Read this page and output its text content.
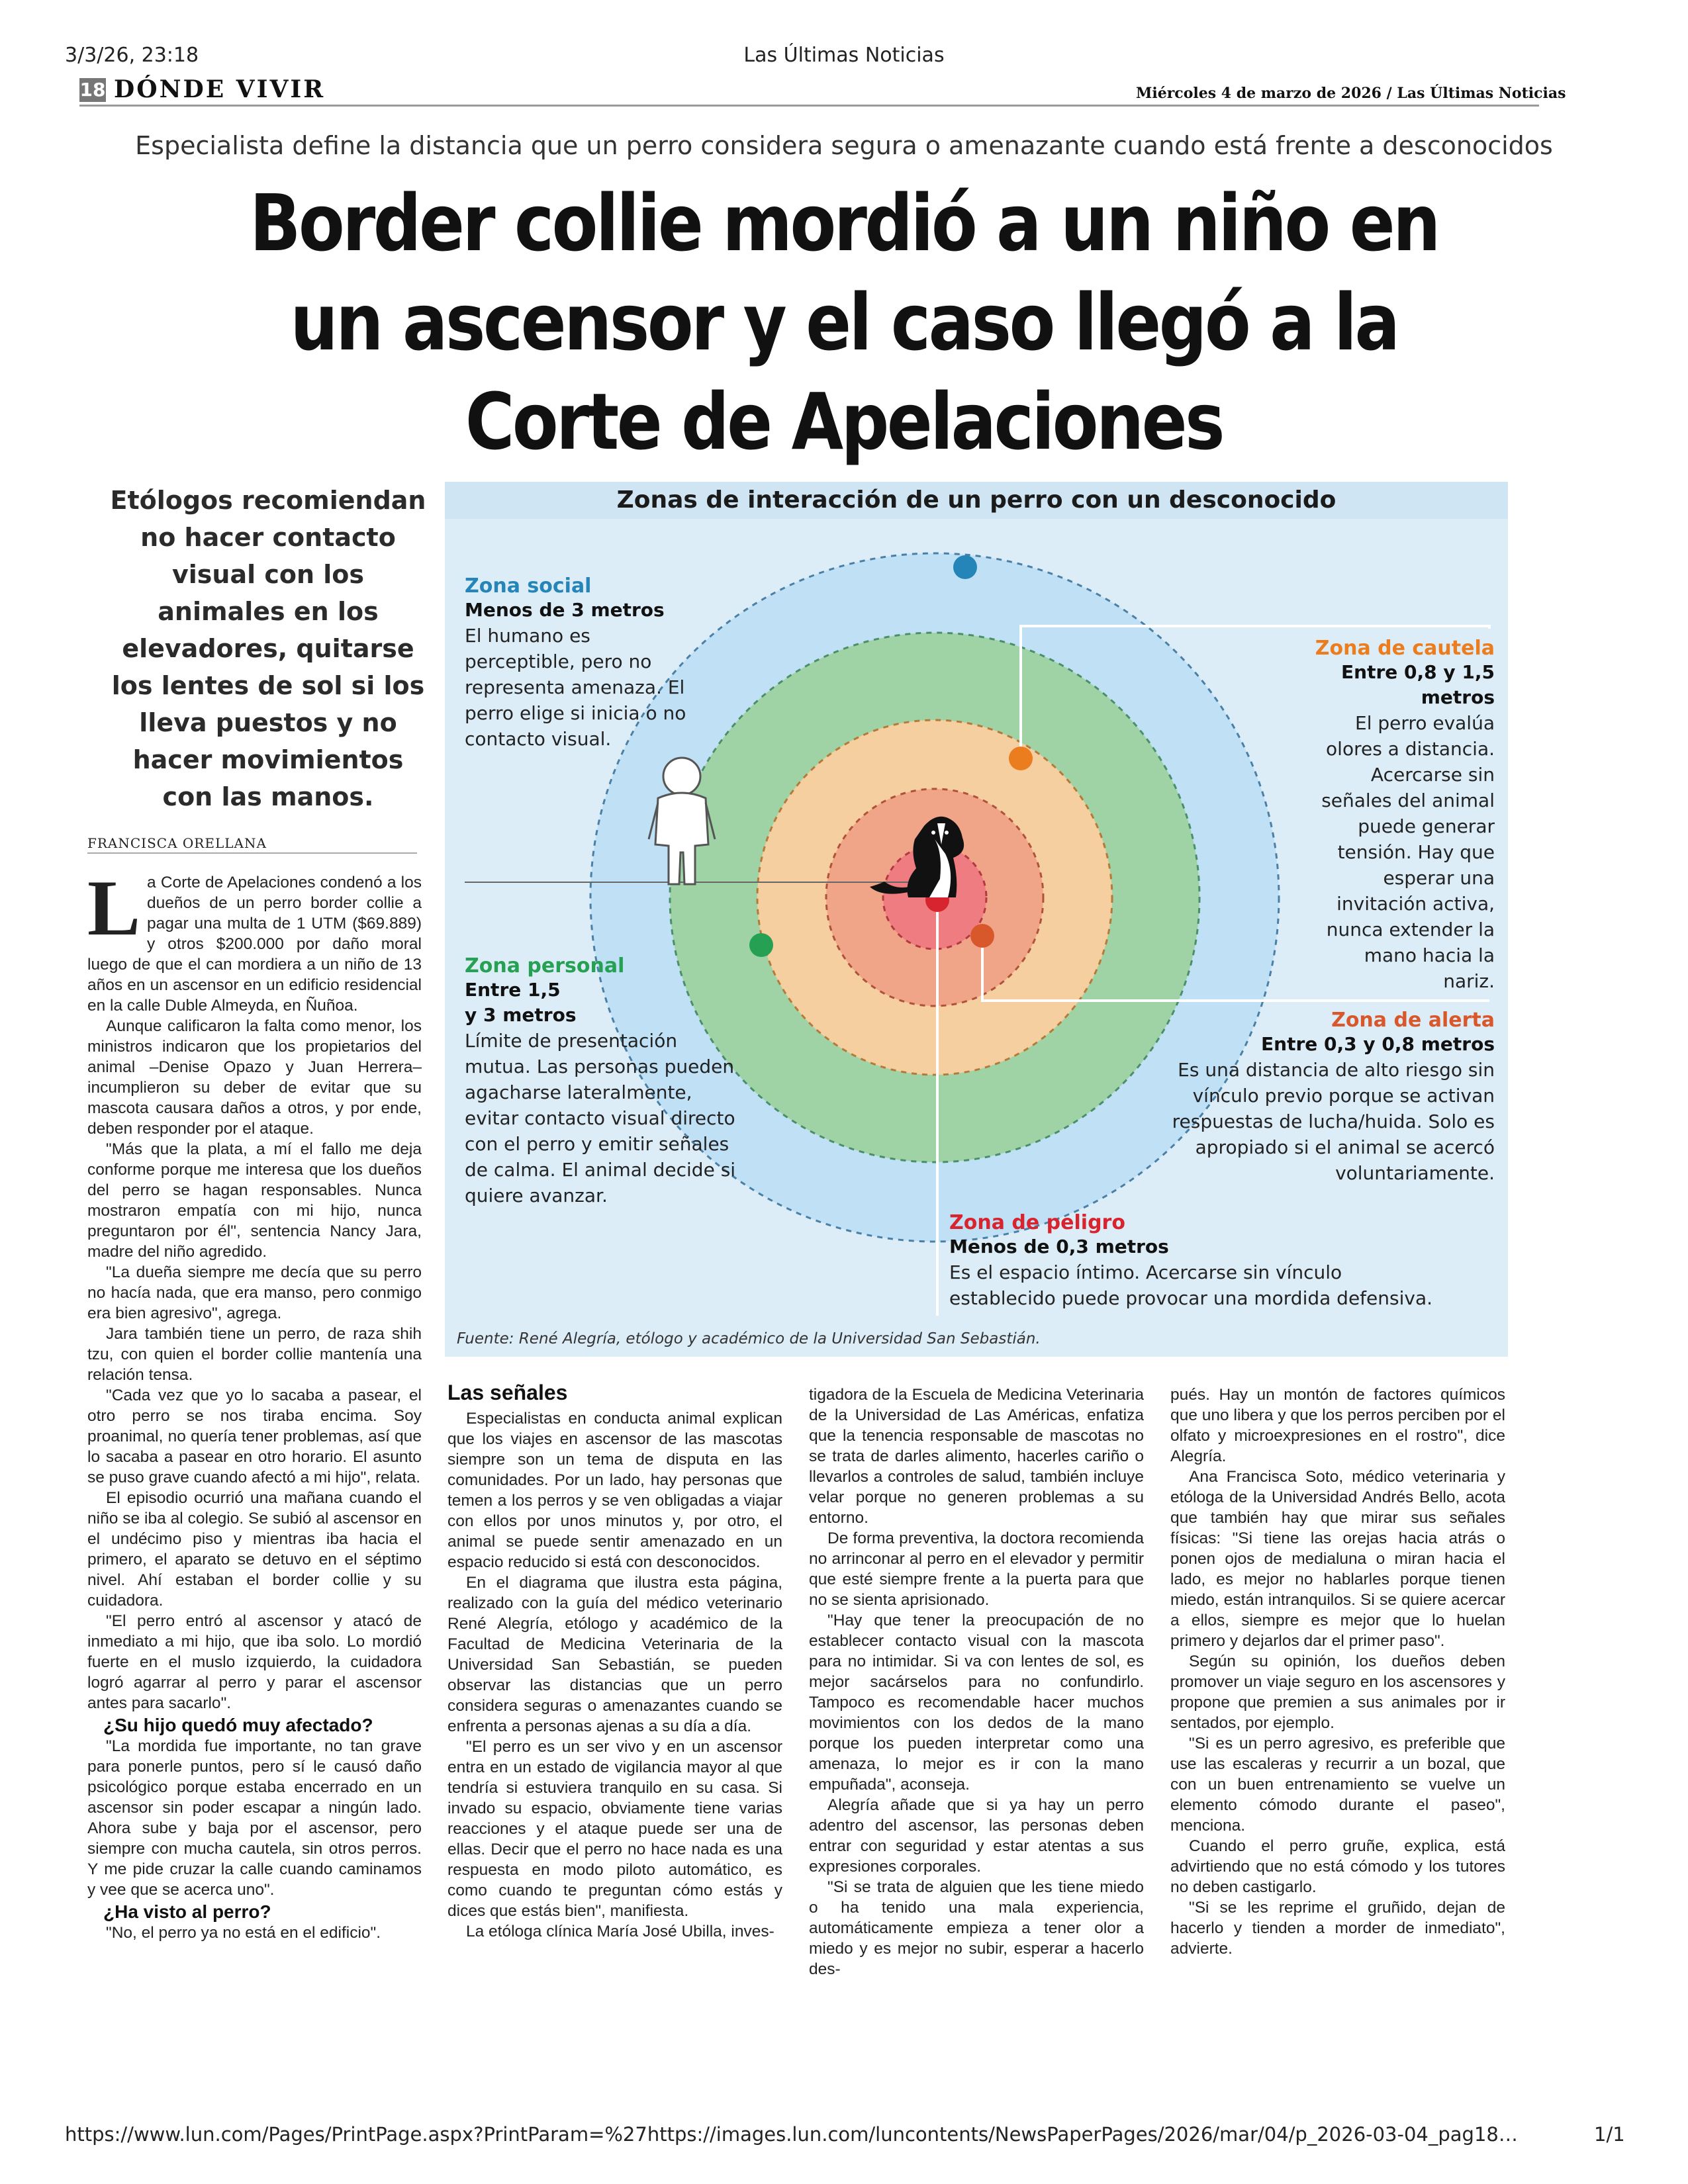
3/3/26, 23:18	Las Últimas Noticias
18 DÓNDE VIVIR	Miércoles 4 de marzo de 2026 / Las Últimas Noticias
Especialista define la distancia que un perro considera segura o amenazante cuando está frente a desconocidos
Border collie mordió a un niño en
un ascensor y el caso llegó a la
Corte de Apelaciones
Etólogos recomiendan no hacer contacto visual con los animales en los elevadores, quitarse los lentes de sol si los lleva puestos y no hacer movimientos con las manos.
FRANCISCA ORELLANA
L a Corte de Apelaciones condenó a los dueños de un perro border collie a pagar una multa de 1 UTM ($69.889) y otros $200.000 por daño moral luego de que el can mordiera a un niño de 13 años en un ascensor en un edificio residencial en la calle Duble Almeyda, en Ñuñoa.

Aunque calificaron la falta como menor, los ministros indicaron que los propietarios del animal –Denise Opazo y Juan Herrera– incumplieron su deber de evitar que su mascota causara daños a otros, y por ende, deben responder por el ataque.

"Más que la plata, a mí el fallo me deja conforme porque me interesa que los dueños del perro se hagan responsables. Nunca mostraron empatía con mi hijo, nunca preguntaron por él", sentencia Nancy Jara, madre del niño agredido.

"La dueña siempre me decía que su perro no hacía nada, que era manso, pero conmigo era bien agresivo", agrega.

Jara también tiene un perro, de raza shih tzu, con quien el border collie mantenía una relación tensa.

"Cada vez que yo lo sacaba a pasear, el otro perro se nos tiraba encima. Soy proanimal, no quería tener problemas, así que lo sacaba a pasear en otro horario. El asunto se puso grave cuando afectó a mi hijo", relata.

El episodio ocurrió una mañana cuando el niño se iba al colegio. Se subió al ascensor en el undécimo piso y mientras iba hacia el primero, el aparato se detuvo en el séptimo nivel. Ahí estaban el border collie y su cuidadora.

"El perro entró al ascensor y atacó de inmediato a mi hijo, que iba solo. Lo mordió fuerte en el muslo izquierdo, la cuidadora logró agarrar al perro y parar el ascensor antes para sacarlo".

¿Su hijo quedó muy afectado?

"La mordida fue importante, no tan grave para ponerle puntos, pero sí le causó daño psicológico porque estaba encerrado en un ascensor sin poder escapar a ningún lado. Ahora sube y baja por el ascensor, pero siempre con mucha cautela, sin otros perros. Y me pide cruzar la calle cuando caminamos y vee que se acerca uno".

¿Ha visto al perro?

"No, el perro ya no está en el edificio".

Zonas de interacción de un perro con un desconocido
Zona social
Menos de 3 metros
El humano es perceptible, pero no representa amenaza. El perro elige si inicia o no contacto visual.
Zona personal
Entre 1,5 y 3 metros
Límite de presentación mutua. Las personas pueden agacharse lateralmente, evitar contacto visual directo con el perro y emitir señales de calma. El animal decide si quiere avanzar.
Zona de cautela
Entre 0,8 y 1,5 metros
El perro evalúa olores a distancia. Acercarse sin señales del animal puede generar tensión. Hay que esperar una invitación activa, nunca extender la mano hacia la nariz.
Zona de alerta
Entre 0,3 y 0,8 metros
Es una distancia de alto riesgo sin vínculo previo porque se activan respuestas de lucha/huida. Solo es apropiado si el animal se acercó voluntariamente.
Zona de peligro
Menos de 0,3 metros
Es el espacio íntimo. Acercarse sin vínculo establecido puede provocar una mordida defensiva.
Fuente: René Alegría, etólogo y académico de la Universidad San Sebastián.
Las señales

Especialistas en conducta animal explican que los viajes en ascensor de las mascotas siempre son un tema de disputa en las comunidades. Por un lado, hay personas que temen a los perros y se ven obligadas a viajar con ellos por unos minutos y, por otro, el animal se puede sentir amenazado en un espacio reducido si está con desconocidos.

En el diagrama que ilustra esta página, realizado con la guía del médico veterinario René Alegría, etólogo y académico de la Facultad de Medicina Veterinaria de la Universidad San Sebastián, se pueden observar las distancias que un perro considera seguras o amenazantes cuando se enfrenta a personas ajenas a su día a día.

"El perro es un ser vivo y en un ascensor entra en un estado de vigilancia mayor al que tendría si estuviera tranquilo en su casa. Si invado su espacio, obviamente tiene varias reacciones y el ataque puede ser una de ellas. Decir que el perro no hace nada es una respuesta en modo piloto automático, es como cuando te preguntan cómo estás y dices que estás bien", manifiesta.

La etóloga clínica María José Ubilla, inves-

tigadora de la Escuela de Medicina Veterinaria de la Universidad de Las Américas, enfatiza que la tenencia responsable de mascotas no se trata de darles alimento, hacerles cariño o llevarlos a controles de salud, también incluye velar porque no generen problemas a su entorno.

De forma preventiva, la doctora recomienda no arrinconar al perro en el elevador y permitir que esté siempre frente a la puerta para que no se sienta aprisionado.

"Hay que tener la preocupación de no establecer contacto visual con la mascota para no intimidar. Si va con lentes de sol, es mejor sacárselos para no confundirlo. Tampoco es recomendable hacer muchos movimientos con los dedos de la mano porque los pueden interpretar como una amenaza, lo mejor es ir con la mano empuñada", aconseja.

Alegría añade que si ya hay un perro adentro del ascensor, las personas deben entrar con seguridad y estar atentas a sus expresiones corporales.

"Si se trata de alguien que les tiene miedo o ha tenido una mala experiencia, automáticamente empieza a tener olor a miedo y es mejor no subir, esperar a hacerlo des-

pués. Hay un montón de factores químicos que uno libera y que los perros perciben por el olfato y microexpresiones en el rostro", dice Alegría.

Ana Francisca Soto, médico veterinaria y etóloga de la Universidad Andrés Bello, acota que también hay que mirar sus señales físicas: "Si tiene las orejas hacia atrás o ponen ojos de medialuna o miran hacia el lado, es mejor no hablarles porque tienen miedo, están intranquilos. Si se quiere acercar a ellos, siempre es mejor que lo huelan primero y dejarlos dar el primer paso".

Según su opinión, los dueños deben promover un viaje seguro en los ascensores y propone que premien a sus animales por ir sentados, por ejemplo.

"Si es un perro agresivo, es preferible que use las escaleras y recurrir a un bozal, que con un buen entrenamiento se vuelve un elemento cómodo durante el paseo", menciona.

Cuando el perro gruñe, explica, está advirtiendo que no está cómodo y los tutores no deben castigarlo.

"Si se les reprime el gruñido, dejan de hacerlo y tienden a morder de inmediato", advierte.

https://www.lun.com/Pages/PrintPage.aspx?PrintParam=%27https://images.lun.com/luncontents/NewsPaperPages/2026/mar/04/p_2026-03-04_pag18…	1/1
